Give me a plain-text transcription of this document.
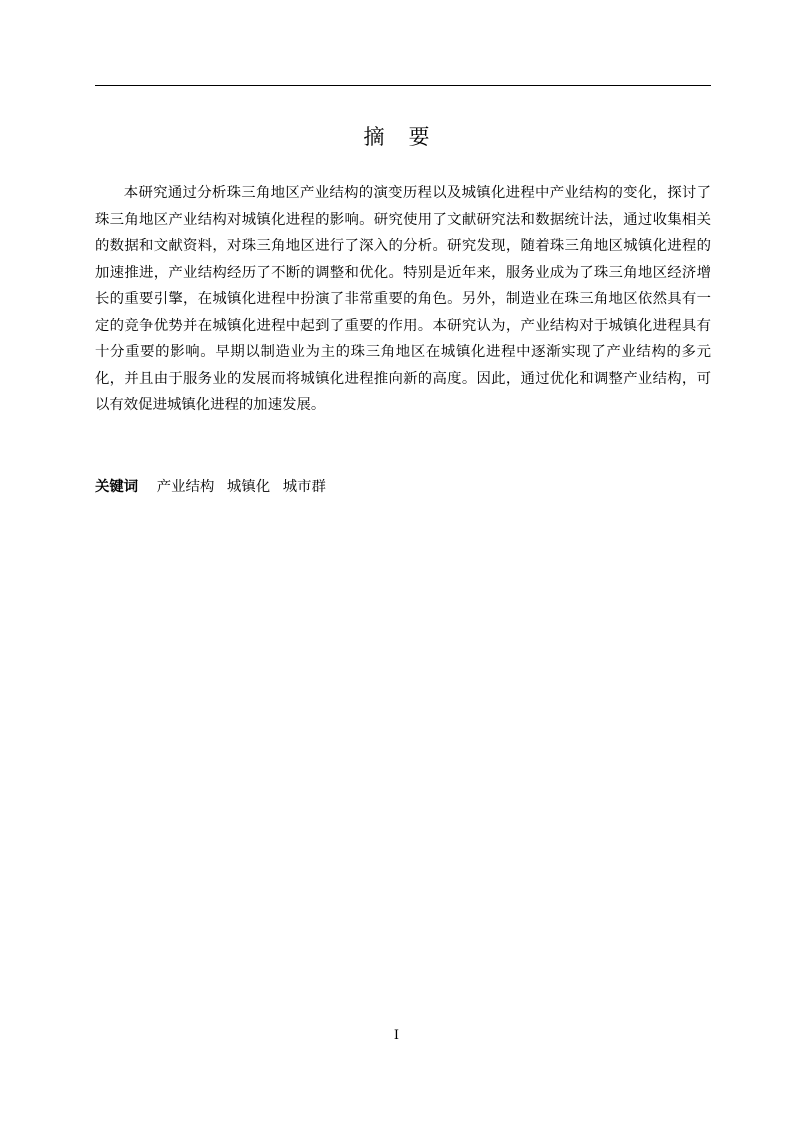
摘要

本研究通过分析珠三角地区产业结构的演变历程以及城镇化进程中产业结构的变化，探讨了珠三角地区产业结构对城镇化进程的影响。研究使用了文献研究法和数据统计法，通过收集相关的数据和文献资料，对珠三角地区进行了深入的分析。研究发现，随着珠三角地区城镇化进程的加速推进，产业结构经历了不断的调整和优化。特别是近年来，服务业成为了珠三角地区经济增长的重要引擎，在城镇化进程中扮演了非常重要的角色。另外，制造业在珠三角地区依然具有一定的竞争优势并在城镇化进程中起到了重要的作用。本研究认为，产业结构对于城镇化进程具有十分重要的影响。早期以制造业为主的珠三角地区在城镇化进程中逐渐实现了产业结构的多元化，并且由于服务业的发展而将城镇化进程推向新的高度。因此，通过优化和调整产业结构，可以有效促进城镇化进程的加速发展。

关键词 产业结构 城镇化 城市群
I
